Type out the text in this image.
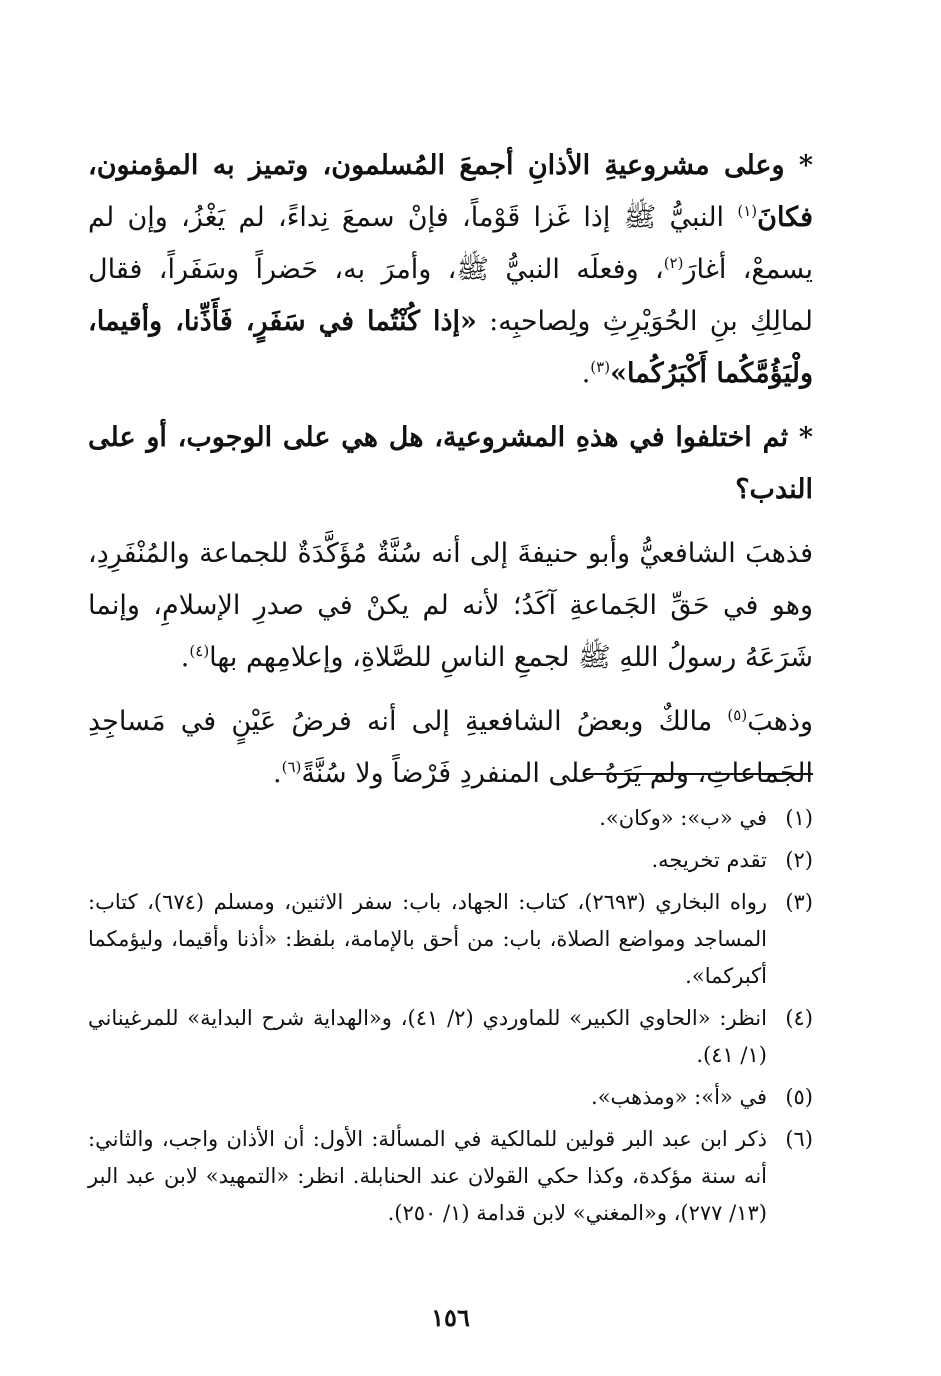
* وعلى مشروعيةِ الأذانِ أجمعَ المُسلمون، وتميز به المؤمنون، فكانَ$^{(١)}$ النبيُّ ﷺ إذا غَزا قَوْماً، فإنْ سمعَ نِداءً، لم يَغْزُ، وإن لم يسمعْ، أغارَ$^{(٢)}$، وفعلَه النبيُّ ﷺ، وأمرَ به، حَضراً وسَفَراً، فقال لمالِكِ بنِ الحُوَيْرِثِ ولِصاحبِه: «إذا كُنْتُما في سَفَرٍ، فَأَذِّنا، وأقيما، ولْيَؤُمَّكُما أَكْبَرُكُما»$^{(٣)}$.

* ثم اختلفوا في هذهِ المشروعية، هل هي على الوجوب، أو على الندب؟

فذهبَ الشافعيُّ وأبو حنيفةَ إلى أنه سُنَّةٌ مُؤَكَّدَةٌ للجماعة والمُنْفَرِدِ، وهو في حَقِّ الجَماعةِ آكَدُ؛ لأنه لم يكنْ في صدرِ الإسلامِ، وإنما شَرَعَهُ رسولُ اللهِ ﷺ لجمعِ الناسِ للصَّلاةِ، وإعلامِهم بها$^{(٤)}$.

وذهبَ$^{(٥)}$ مالكٌ وبعضُ الشافعيةِ إلى أنه فرضُ عَيْنٍ في مَساجِدِ الجَماعاتِ، ولم يَرَهُ على المنفردِ فَرْضاً ولا سُنَّةً$^{(٦)}$.

(١)
في «ب»: «وكان».
(٢)
تقدم تخريجه.
(٣)
رواه البخاري (٢٦٩٣)، كتاب: الجهاد، باب: سفر الاثنين، ومسلم (٦٧٤)، كتاب: المساجد ومواضع الصلاة، باب: من أحق بالإمامة، بلفظ: «أذنا وأقيما، وليؤمكما أكبركما».
(٤)
انظر: «الحاوي الكبير» للماوردي (٢/ ٤١)، و«الهداية شرح البداية» للمرغيناني (١/ ٤١).
(٥)
في «أ»: «ومذهب».
(٦)
ذكر ابن عبد البر قولين للمالكية في المسألة: الأول: أن الأذان واجب، والثاني: أنه سنة مؤكدة، وكذا حكي القولان عند الحنابلة. انظر: «التمهيد» لابن عبد البر (١٣/ ٢٧٧)، و«المغني» لابن قدامة (١/ ٢٥٠).
١٥٦
